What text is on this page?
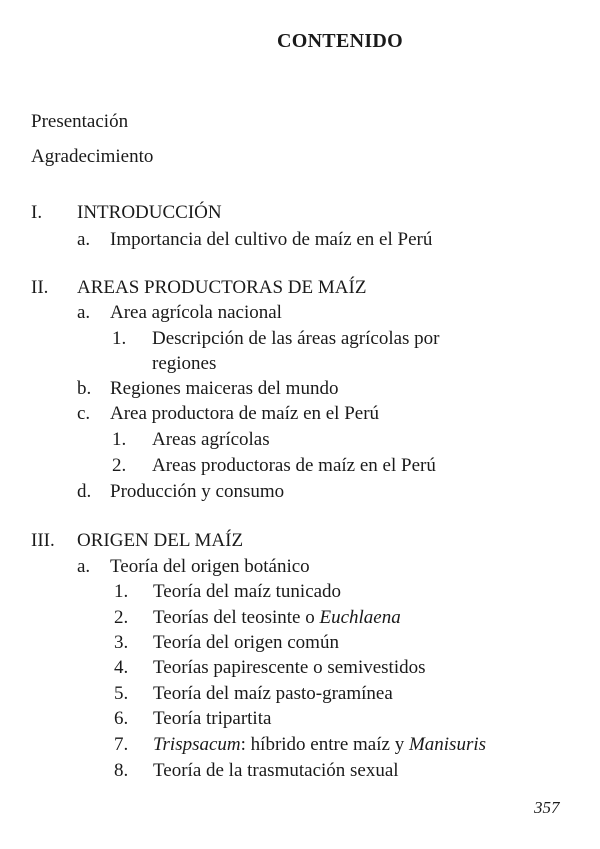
CONTENIDO
Presentación
Agradecimiento
I. INTRODUCCIÓN
a. Importancia del cultivo de maíz en el Perú
II. AREAS PRODUCTORAS DE MAÍZ
a. Area agrícola nacional
1. Descripción de las áreas agrícolas por
regiones
b. Regiones maiceras del mundo
c. Area productora de maíz en el Perú
1. Areas agrícolas
2. Areas productoras de maíz en el Perú
d. Producción y consumo
III. ORIGEN DEL MAÍZ
a. Teoría del origen botánico
1. Teoría del maíz tunicado
2. Teorías del teosinte o Euchlaena
3. Teoría del origen común
4. Teorías papirescente o semivestidos
5. Teoría del maíz pasto-gramínea
6. Teoría tripartita
7. Trispsacum: híbrido entre maíz y Manisuris
8. Teoría de la trasmutación sexual
357
